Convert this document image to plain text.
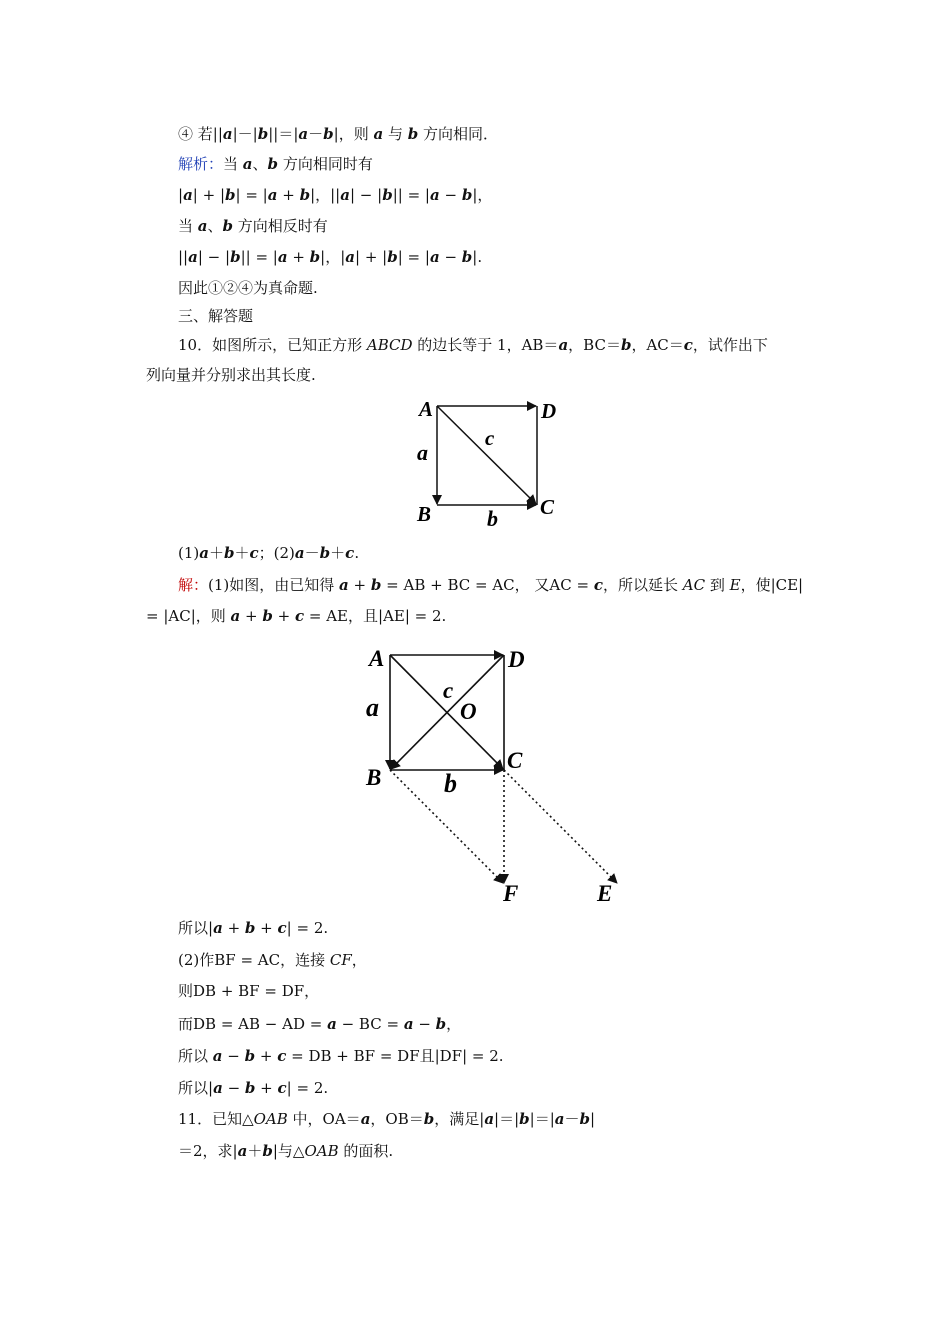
④ 若||a|－|b||＝|a－b|，则 a 与 b 方向相同．
解析：当 a、b 方向相同时有
|a| + |b| = |a + b|，||a| − |b|| = |a − b|，
当 a、b 方向相反时有
||a| − |b|| = |a + b|，|a| + |b| = |a − b|.
因此①②④为真命题.
三、解答题
10．如图所示，已知正方形 ABCD 的边长等于 1，AB＝a，BC＝b，AC＝c，试作出下
列向量并分别求出其长度.
A	D
B	C
a
b
c
(1)a＋b＋c；(2)a－b＋c.
解：(1)如图，由已知得 a + b = AB + BC = AC， 又AC = c，所以延长 AC 到 E，使|CE|
= |AC|，则 a + b + c = AE，且|AE| = 2.
A	D
B
C
O
F	E
a
b
c
所以|a + b + c| = 2.
(2)作BF = AC，连接 CF，
则DB + BF = DF，
而DB = AB − AD = a − BC = a − b，
所以 a − b + c = DB + BF = DF且|DF| = 2.
所以|a − b + c| = 2.
11．已知△OAB 中，OA＝a，OB＝b，满足|a|＝|b|＝|a－b|
＝2，求|a＋b|与△OAB 的面积.
